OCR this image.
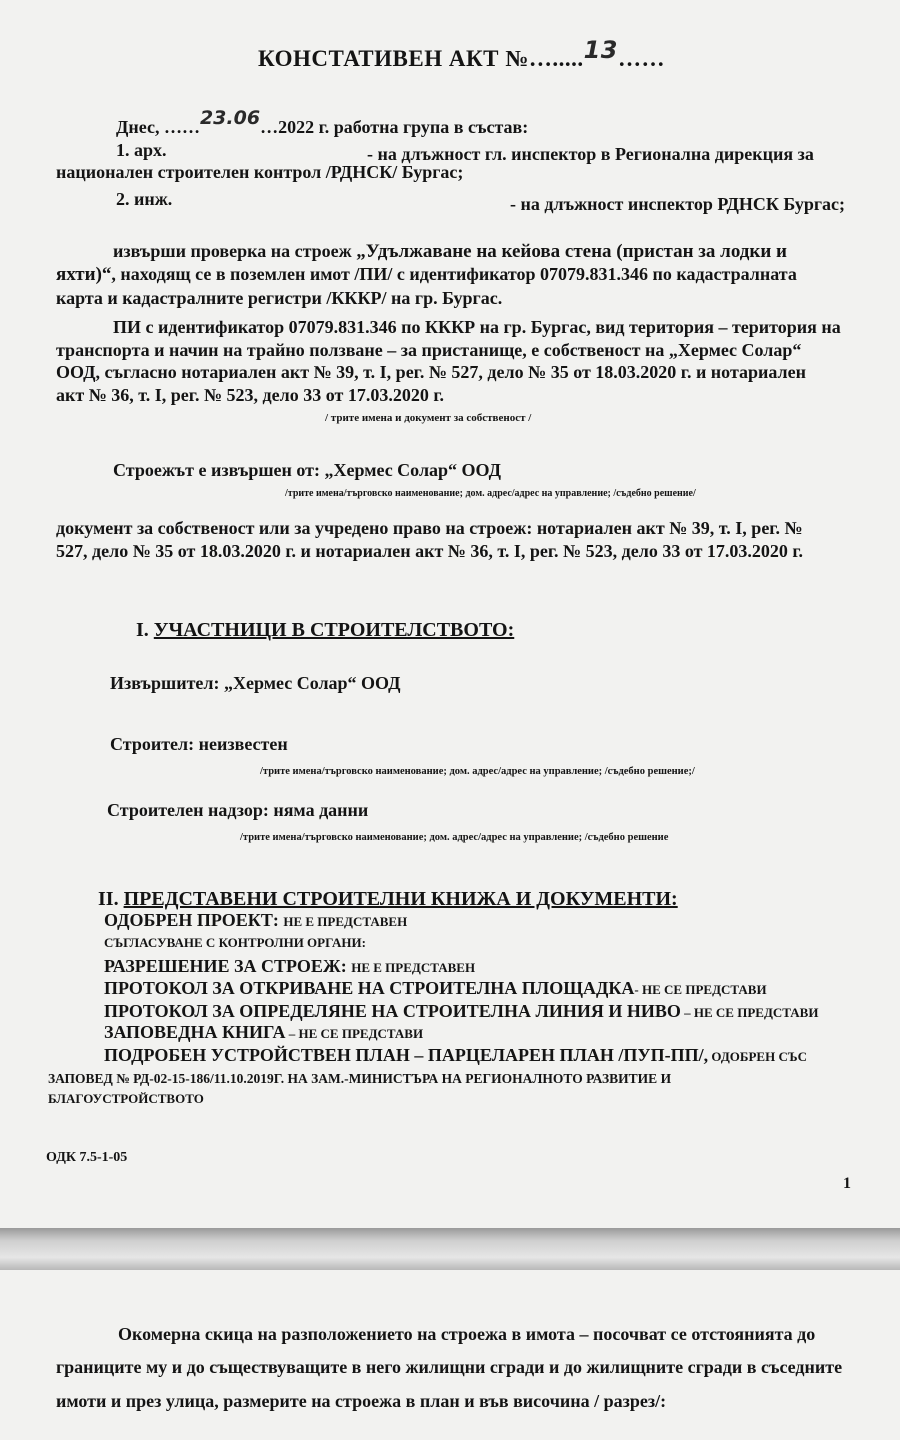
КОНСТАТИВЕН АКТ №….....13……
Днес, ……23.06…2022 г. работна група в състав:
1. арх.	- на длъжност гл. инспектор в Регионална дирекция за
национален строителен контрол /РДНСК/ Бургас;
2. инж.	- на длъжност инспектор РДНСК Бургас;
извърши проверка на строеж „Удължаване на кейова стена (пристан за лодки и
яхти)“, находящ се в поземлен имот /ПИ/ с идентификатор 07079.831.346 по кадастралната
карта и кадастралните регистри /КККР/ на гр. Бургас.
ПИ с идентификатор 07079.831.346 по КККР на гр. Бургас, вид територия – територия на
транспорта и начин на трайно ползване – за пристанище, е собственост на „Хермес Солар“
ООД, съгласно нотариален акт № 39, т. I, рег. № 527, дело № 35 от 18.03.2020 г. и нотариален
акт № 36, т. I, рег. № 523, дело 33 от 17.03.2020 г.
/ трите имена и документ за собственост /
Строежът е извършен от: „Хермес Солар“ ООД
/трите имена/търговско наименование; дом. адрес/адрес на управление; /съдебно решение/
документ за собственост или за учредено право на строеж: нотариален акт № 39, т. I, рег. №
527, дело № 35 от 18.03.2020 г. и нотариален акт № 36, т. I, рег. № 523, дело 33 от 17.03.2020 г.
I. УЧАСТНИЦИ В СТРОИТЕЛСТВОТО:
Извършител: „Хермес Солар“ ООД
Строител: неизвестен
/трите имена/търговско наименование; дом. адрес/адрес на управление; /съдебно решение;/
Строителен надзор: няма данни
/трите имена/търговско наименование; дом. адрес/адрес на управление; /съдебно решение
II. ПРЕДСТАВЕНИ СТРОИТЕЛНИ КНИЖА И ДОКУМЕНТИ:
ОДОБРЕН ПРОЕКТ: НЕ Е ПРЕДСТАВЕН
СЪГЛАСУВАНЕ С КОНТРОЛНИ ОРГАНИ:
РАЗРЕШЕНИЕ ЗА СТРОЕЖ: НЕ Е ПРЕДСТАВЕН
ПРОТОКОЛ ЗА ОТКРИВАНЕ НА СТРОИТЕЛНА ПЛОЩАДКА- НЕ СЕ ПРЕДСТАВИ
ПРОТОКОЛ ЗА ОПРЕДЕЛЯНЕ НА СТРОИТЕЛНА ЛИНИЯ И НИВО – НЕ СЕ ПРЕДСТАВИ
ЗАПОВЕДНА КНИГА – НЕ СЕ ПРЕДСТАВИ
ПОДРОБЕН УСТРОЙСТВЕН ПЛАН – ПАРЦЕЛАРЕН ПЛАН /ПУП-ПП/, ОДОБРЕН СЪС
ЗАПОВЕД № РД-02-15-186/11.10.2019Г. НА ЗАМ.-МИНИСТЪРА НА РЕГИОНАЛНОТО РАЗВИТИЕ И
БЛАГОУСТРОЙСТВОТО
ОДК 7.5-1-05
1
Окомерна скица на разположението на строежа в имота – посочват се отстоянията до
границите му и до съществуващите в него жилищни сгради и до жилищните сгради в съседните
имоти и през улица, размерите на строежа в план и във височина / разрез/:
